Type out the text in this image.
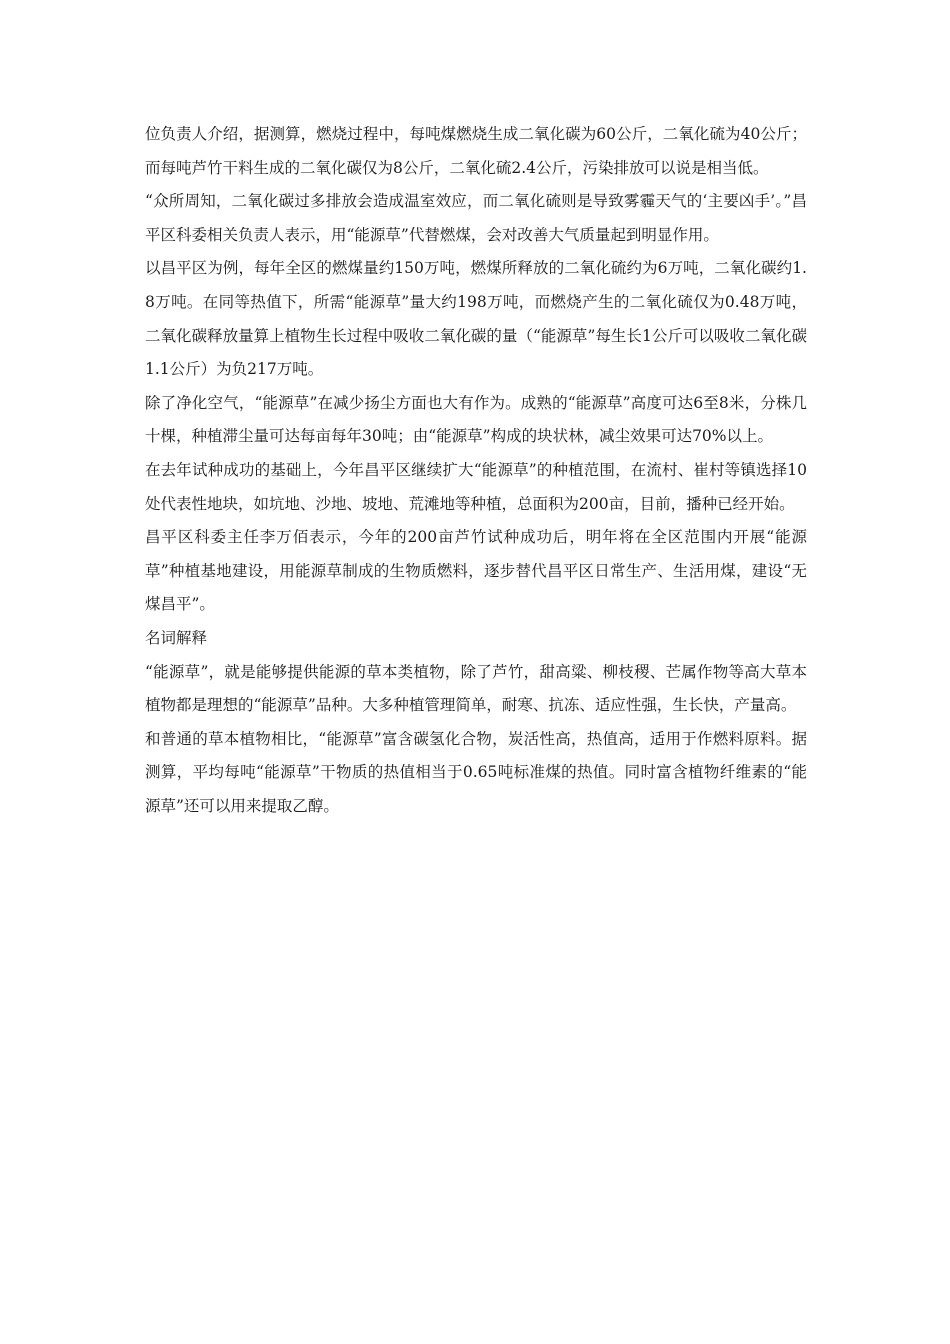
位负责人介绍，据测算，燃烧过程中，每吨煤燃烧生成二氧化碳为60公斤，二氧化硫为40公斤；而每吨芦竹干料生成的二氧化碳仅为8公斤，二氧化硫2.4公斤，污染排放可以说是相当低。

“众所周知，二氧化碳过多排放会造成温室效应，而二氧化硫则是导致雾霾天气的‘主要凶手’。”昌平区科委相关负责人表示，用“能源草”代替燃煤，会对改善大气质量起到明显作用。

以昌平区为例，每年全区的燃煤量约150万吨，燃煤所释放的二氧化硫约为6万吨，二氧化碳约1.8万吨。在同等热值下，所需“能源草”量大约198万吨，而燃烧产生的二氧化硫仅为0.48万吨，二氧化碳释放量算上植物生长过程中吸收二氧化碳的量（“能源草”每生长1公斤可以吸收二氧化碳1.1公斤）为负217万吨。

除了净化空气，“能源草”在减少扬尘方面也大有作为。成熟的“能源草”高度可达6至8米，分株几十棵，种植滞尘量可达每亩每年30吨；由“能源草”构成的块状林，减尘效果可达70%以上。

在去年试种成功的基础上，今年昌平区继续扩大“能源草”的种植范围，在流村、崔村等镇选择10处代表性地块，如坑地、沙地、坡地、荒滩地等种植，总面积为200亩，目前，播种已经开始。

昌平区科委主任李万佰表示，今年的200亩芦竹试种成功后，明年将在全区范围内开展“能源草”种植基地建设，用能源草制成的生物质燃料，逐步替代昌平区日常生产、生活用煤，建设“无煤昌平”。

名词解释

“能源草”，就是能够提供能源的草本类植物，除了芦竹，甜高粱、柳枝稷、芒属作物等高大草本植物都是理想的“能源草”品种。大多种植管理简单，耐寒、抗冻、适应性强，生长快，产量高。

和普通的草本植物相比，“能源草”富含碳氢化合物，炭活性高，热值高，适用于作燃料原料。据测算，平均每吨“能源草”干物质的热值相当于0.65吨标准煤的热值。同时富含植物纤维素的“能源草”还可以用来提取乙醇。
